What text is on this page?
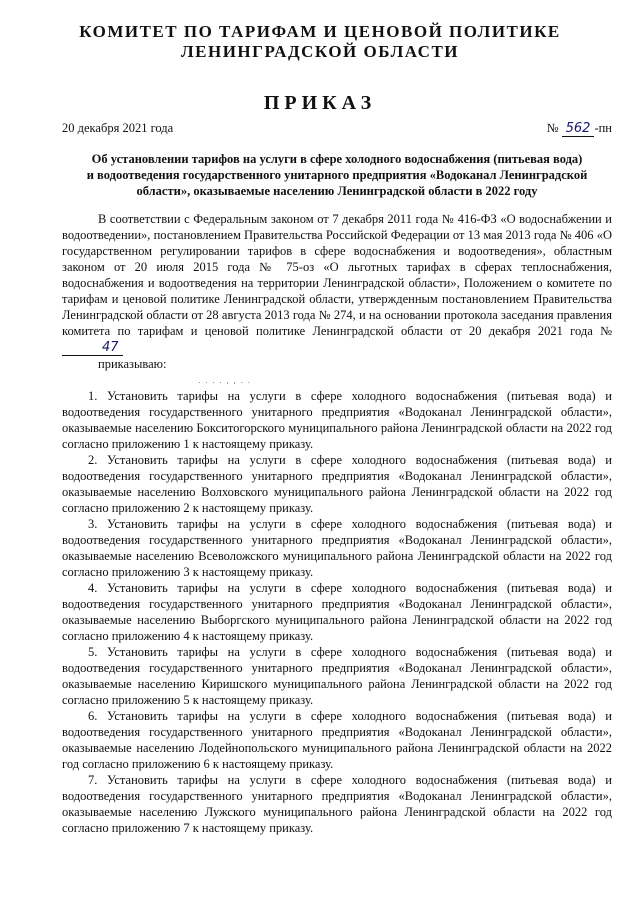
КОМИТЕТ ПО ТАРИФАМ И ЦЕНОВОЙ ПОЛИТИКЕ
ЛЕНИНГРАДСКОЙ ОБЛАСТИ
ПРИКАЗ
20 декабря 2021 года	№ 562 -пн
Об установлении тарифов на услуги в сфере холодного водоснабжения (питьевая вода)
и водоотведения государственного унитарного предприятия «Водоканал Ленинградской
области», оказываемые населению Ленинградской области в 2022 году

В соответствии с Федеральным законом от 7 декабря 2011 года № 416-ФЗ «О водоснабжении и водоотведении», постановлением Правительства Российской Федерации от 13 мая 2013 года № 406 «О государственном регулировании тарифов в сфере водоснабжения и водоотведения», областным законом от 20 июля 2015 года № 75-оз «О льготных тарифах в сферах теплоснабжения, водоснабжения и водоотведения на территории Ленинградской области», Положением о комитете по тарифам и ценовой политике Ленинградской области, утвержденным постановлением Правительства Ленинградской области от 28 августа 2013 года № 274, и на основании протокола заседания правления комитета по тарифам и ценовой политике Ленинградской области от 20 декабря 2021 года № 47

приказываю:
. . . . , , . .

1. Установить тарифы на услуги в сфере холодного водоснабжения (питьевая вода) и водоотведения государственного унитарного предприятия «Водоканал Ленинградской области», оказываемые населению Бокситогорского муниципального района Ленинградской области на 2022 год согласно приложению 1 к настоящему приказу.

2. Установить тарифы на услуги в сфере холодного водоснабжения (питьевая вода) и водоотведения государственного унитарного предприятия «Водоканал Ленинградской области», оказываемые населению Волховского муниципального района Ленинградской области на 2022 год согласно приложению 2 к настоящему приказу.

3. Установить тарифы на услуги в сфере холодного водоснабжения (питьевая вода) и водоотведения государственного унитарного предприятия «Водоканал Ленинградской области», оказываемые населению Всеволожского муниципального района Ленинградской области на 2022 год согласно приложению 3 к настоящему приказу.

4. Установить тарифы на услуги в сфере холодного водоснабжения (питьевая вода) и водоотведения государственного унитарного предприятия «Водоканал Ленинградской области», оказываемые населению Выборгского муниципального района Ленинградской области на 2022 год согласно приложению 4 к настоящему приказу.

5. Установить тарифы на услуги в сфере холодного водоснабжения (питьевая вода) и водоотведения государственного унитарного предприятия «Водоканал Ленинградской области», оказываемые населению Киришского муниципального района Ленинградской области на 2022 год согласно приложению 5 к настоящему приказу.

6. Установить тарифы на услуги в сфере холодного водоснабжения (питьевая вода) и водоотведения государственного унитарного предприятия «Водоканал Ленинградской области», оказываемые населению Лодейнопольского муниципального района Ленинградской области на 2022 год согласно приложению 6 к настоящему приказу.

7. Установить тарифы на услуги в сфере холодного водоснабжения (питьевая вода) и водоотведения государственного унитарного предприятия «Водоканал Ленинградской области», оказываемые населению Лужского муниципального района Ленинградской области на 2022 год согласно приложению 7 к настоящему приказу.
